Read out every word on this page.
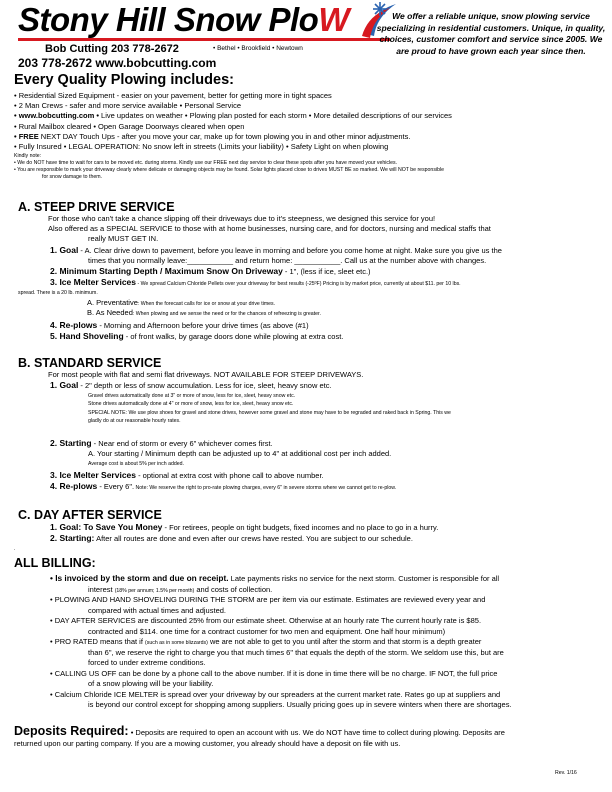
Stony Hill Snow PloW	We offer a reliable unique, snow plowing service specializing in residential customers. Unique, in quality, choices, customer comfort and service since 2005. We are proud to have grown each year since then.
Bob Cutting 203 778-2672	• Bethel • Brookfield • Newtown
203 778-2672 www.bobcutting.com
Every Quality Plowing includes:
• Residential Sized Equipment - easier on your pavement, better for getting more in tight spaces
• 2 Man Crews - safer and more service available • Personal Service
• www.bobcutting.com • Live updates on weather • Plowing plan posted for each storm • More detailed descriptions of our services
• Rural Mailbox cleared • Open Garage Doorways cleared when open
• FREE NEXT DAY Touch Ups - after you move your car, make up for town plowing you in and other minor adjustments.
• Fully Insured • LEGAL OPERATION: No snow left in streets (Limits your liability) • Safety Light on when plowing
Kindly note:
• We do NOT have time to wait for cars to be moved etc. during storms. Kindly use our FREE next day service to clear these spots after you have moved your vehicles.
• You are responsible to mark your driveway clearly where delicate or damaging objects may be found. Solar lights placed close to drives MUST BE so marked. We will NOT be responsible
for snow damage to them.
A. STEEP DRIVE SERVICE
For those who can't take a chance slipping off their driveways due to it's steepness, we designed this service for you!
Also offered as a SPECIAL SERVICE to those with at home businesses, nursing care, and for doctors, nursing and medical staffs that
really MUST GET IN.
1. Goal - A. Clear drive down to pavement, before you leave in morning and before you come home at night. Make sure you give us the
times that you normally leave:___________ and return home: ___________. Call us at the number above with changes.
2. Minimum Starting Depth / Maximum Snow On Driveway - 1", (less if ice, sleet etc.)
3. Ice Melter Services - We spread Calcium Chloride Pellets over your driveway for best results (-25ºF) Pricing is by market price, currently at about $11. per 10 lbs.
spread. There is a 20 lb. minimum.
A. Preventative: When the forecast calls for ice or snow at your drive times.
B. As Needed: When plowing and we sense the need or for the chances of refreezing is greater.
4. Re-plows - Morning and Afternoon before your drive times (as above (#1)
5. Hand Shoveling - of front walks, by garage doors done while plowing at extra cost.
B. STANDARD SERVICE
For most people with flat and semi flat driveways. NOT AVAILABLE FOR STEEP DRIVEWAYS.
1. Goal - 2" depth or less of snow accumulation. Less for ice, sleet, heavy snow etc.
Gravel drives automatically done at 3" or more of snow, less for ice, sleet, heavy snow etc.
Stone drives automatically done at 4" or more of snow, less for ice, sleet, heavy snow etc.
SPECIAL NOTE: We use plow shoes for gravel and stone drives, however some gravel and stone may have to be regraded and raked back in Spring. This we
gladly do at our reasonable hourly rates.
2. Starting - Near end of storm or every 6" whichever comes first.
A. Your starting / Minimum depth can be adjusted up to 4" at additional cost per inch added.
Average cost is about 5% per inch added.
3. Ice Melter Services - optional at extra cost with phone call to above number.
4. Re-plows - Every 6". Note: We reserve the right to pro-rate plowing charges, every 6" in severe storms where we cannot get to re-plow.
C. DAY AFTER SERVICE
1. Goal: To Save You Money - For retirees, people on tight budgets, fixed incomes and no place to go in a hurry.
2. Starting: After all routes are done and even after our crews have rested. You are subject to our schedule.
.
ALL BILLING:
• Is invoiced by the storm and due on receipt. Late payments risks no service for the next storm. Customer is responsible for all
interest (18% per annum; 1.5% per month) and costs of collection.
• PLOWING AND HAND SHOVELING DURING THE STORM are per item via our estimate. Estimates are reviewed every year and
compared with actual times and adjusted.
• DAY AFTER SERVICES are discounted 25% from our estimate sheet. Otherwise at an hourly rate The current hourly rate is $85.
contracted and $114. one time for a contract customer for two men and equipment. One half hour minimum)
• PRO RATED means that if (such as in some blizzards) we are not able to get to you until after the storm and that storm is a depth greater
than 6", we reserve the right to charge you that much times 6" that equals the depth of the storm. We seldom use this, but are
forced to under extreme conditions.
• CALLING US OFF can be done by a phone call to the above number. If it is done in time there will be no charge. IF NOT, the full price
of a snow plowing will be your liability.
• Calcium Chloride ICE MELTER is spread over your driveway by our spreaders at the current market rate. Rates go up at suppliers and
is beyond our control except for shopping among suppliers. Usually pricing goes up in severe winters when there are shortages.
Deposits Required: • Deposits are required to open an account with us. We do NOT have time to collect during plowing. Deposits are
returned upon our parting company. If you are a mowing customer, you already should have a deposit on file with us.
Rev. 1/16
